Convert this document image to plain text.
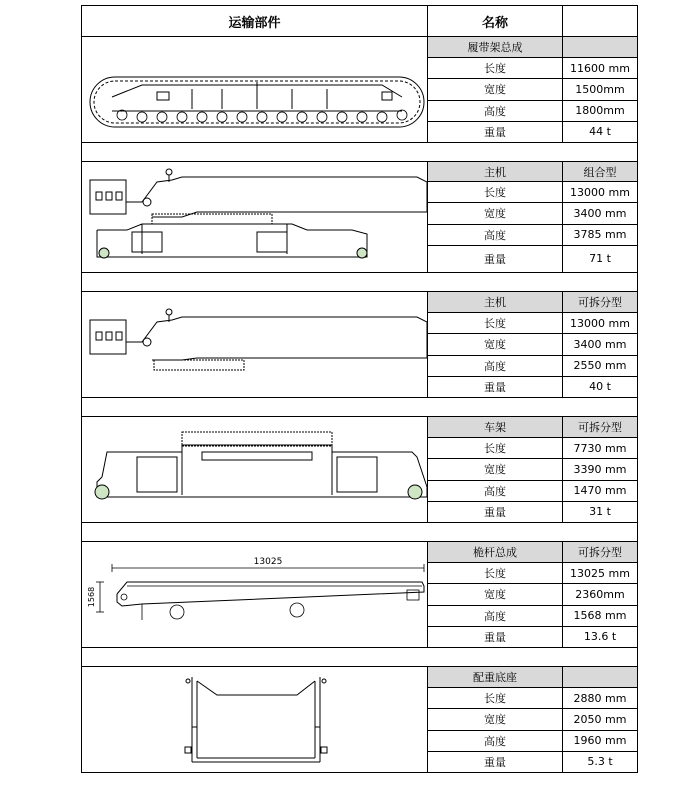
运输部件	名称	

	履带架总成	
	长度	11600 mm
	宽度	1500mm
	高度	1800mm
	重量	44 t

	主机	组合型
	长度	13000 mm
	宽度	3400 mm
	高度	3785 mm
	重量	71 t

	主机	可拆分型
	长度	13000 mm
	宽度	3400 mm
	高度	2550 mm
	重量	40 t

	车架	可拆分型
	长度	7730 mm
	宽度	3390 mm
	高度	1470 mm
	重量	31 t

13025
1568	桅杆总成	可拆分型
	长度	13025 mm
	宽度	2360mm
	高度	1568 mm
	重量	13.6 t

	配重底座	
	长度	2880 mm
	宽度	2050 mm
	高度	1960 mm
	重量	5.3 t
